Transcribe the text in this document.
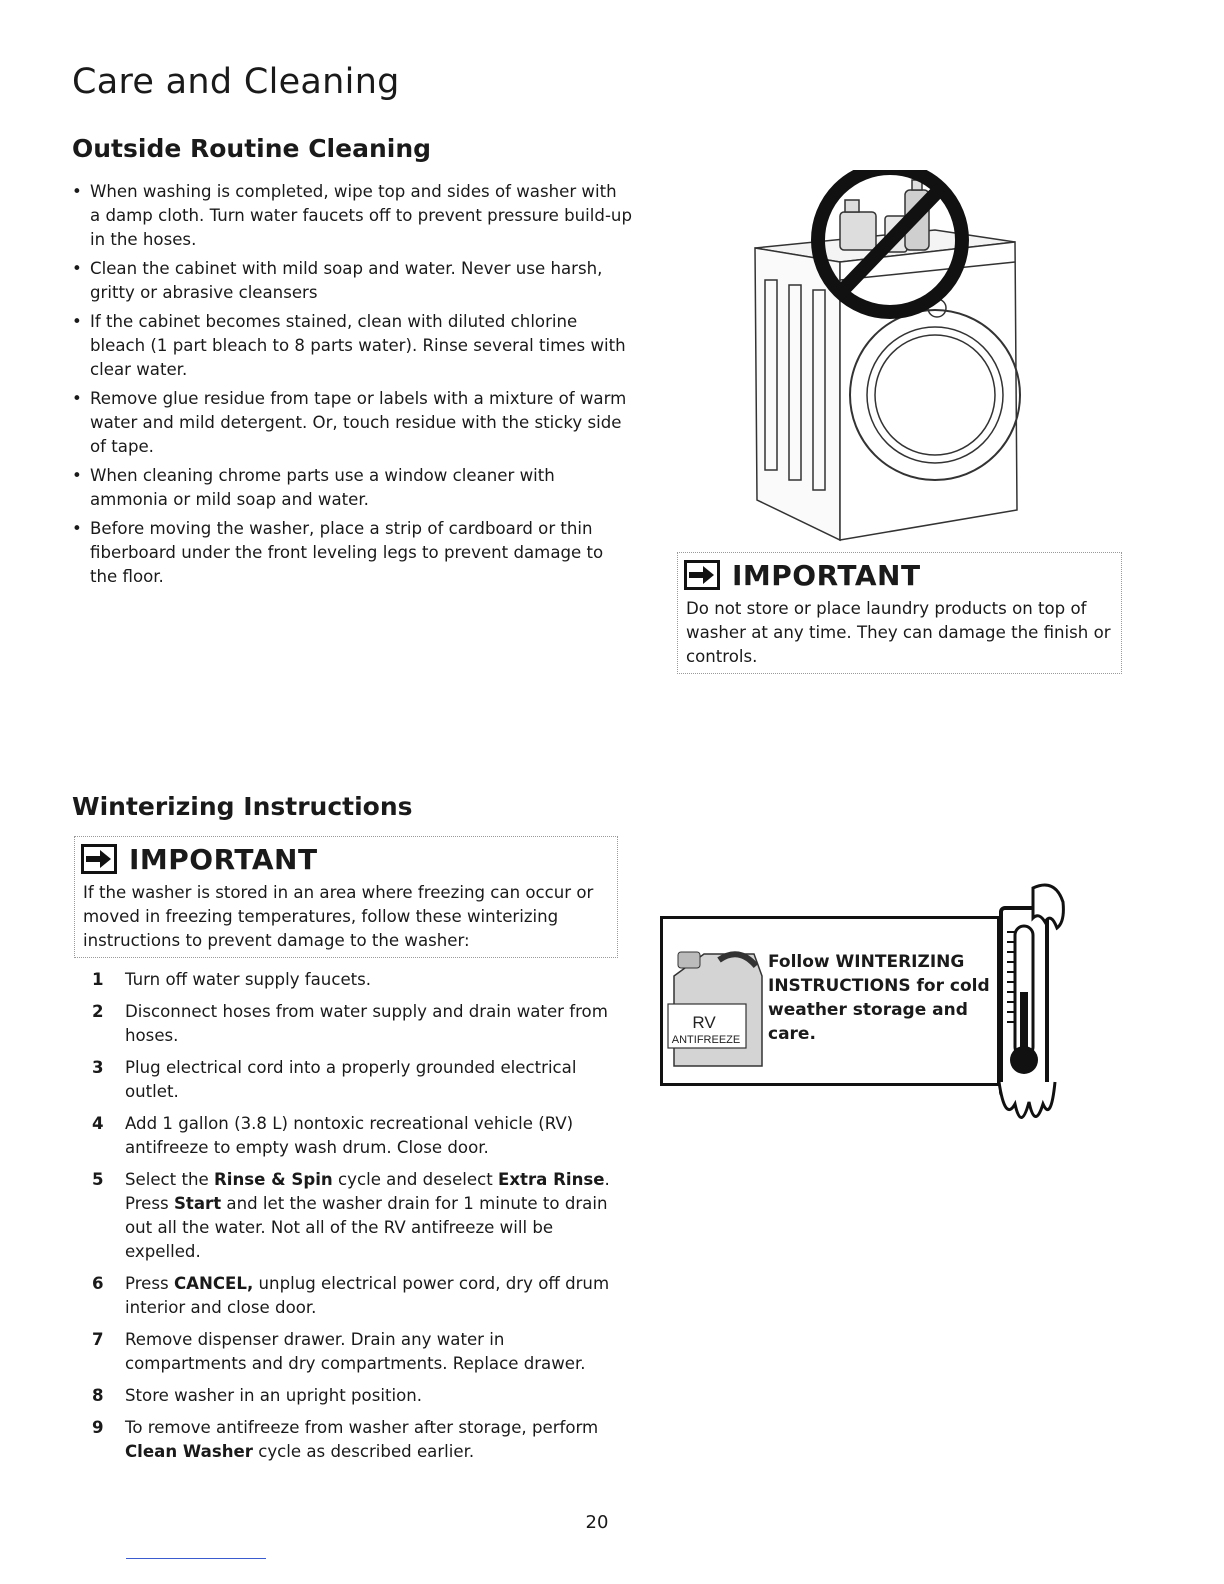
Care and Cleaning
Outside Routine Cleaning
• When washing is completed, wipe top and sides of washer with a damp cloth. Turn water faucets off to prevent pressure build-up in the hoses.
• Clean the cabinet with mild soap and water. Never use harsh, gritty or abrasive cleansers
• If the cabinet becomes stained, clean with diluted chlorine bleach (1 part bleach to 8 parts water). Rinse several times with clear water.
• Remove glue residue from tape or labels with a mixture of warm water and mild detergent. Or, touch residue with the sticky side of tape.
• When cleaning chrome parts use a window cleaner with ammonia or mild soap and water.
• Before moving the washer, place a strip of cardboard or thin fiberboard under the front leveling legs to prevent damage to the floor.	IMPORTANT
Do not store or place laundry products on top of washer at any time. They can damage the finish or controls.
Winterizing Instructions
IMPORTANT
If the washer is stored in an area where freezing can occur or moved in freezing temperatures, follow these winterizing instructions to prevent damage to the washer:
1	Turn off water supply faucets.
2	Disconnect hoses from water supply and drain water from hoses.
3	Plug electrical cord into a properly grounded electrical outlet.
4	Add 1 gallon (3.8 L) nontoxic recreational vehicle (RV) antifreeze to empty wash drum. Close door.
5	Select the Rinse & Spin cycle and deselect Extra Rinse. Press Start and let the washer drain for 1 minute to drain out all the water. Not all of the RV antifreeze will be expelled.
6	Press CANCEL, unplug electrical power cord, dry off drum interior and close door.
7	Remove dispenser drawer. Drain any water in compartments and dry compartments. Replace drawer.
8	Store washer in an upright position.
9	To remove antifreeze from washer after storage, perform Clean Washer cycle as described earlier.
RV
ANTIFREEZE
Follow WINTERIZING INSTRUCTIONS for cold weather storage and care.
20
